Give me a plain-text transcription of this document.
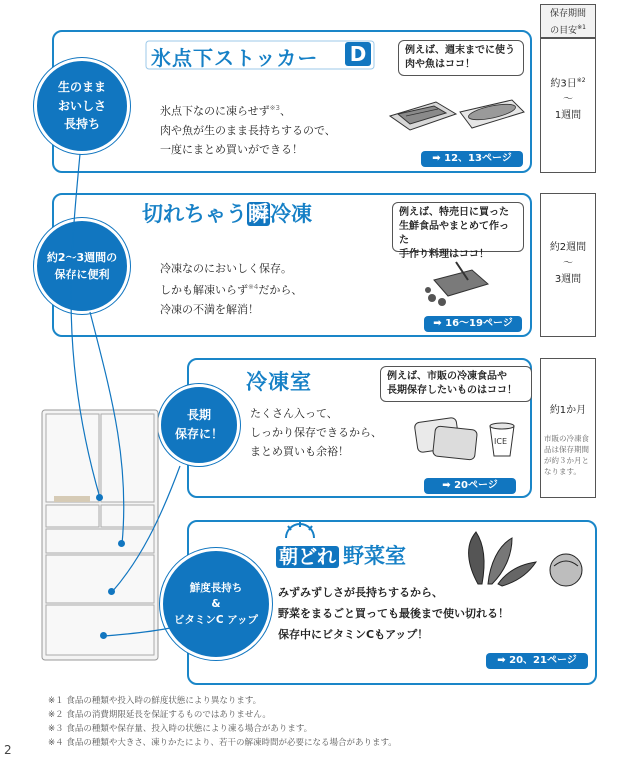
保存期間
の目安$^{※1}$
氷点下ストッカー D

氷点下なのに凍らせず$^{※3}$、
肉や魚が生のまま長持ちするので、
一度にまとめ買いができる！

例えば、週末までに使う
肉や魚はココ！
➡ 12、13ページ
約3日$^{※2}$
〜
1週間
生のまま
おいしさ
長持ち
切れちゃう瞬冷凍

冷凍なのにおいしく保存。
しかも解凍いらず$^{※4}$だから、
冷凍の不満を解消！

例えば、特売日に買った
生鮮食品やまとめて作った
手作り料理はココ！
➡ 16〜19ページ
約2週間
〜
3週間
約2〜3週間の
保存に便利
冷凍室
たくさん入って、
しっかり保存できるから、
まとめ買いも余裕！
例えば、市販の冷凍食品や
長期保存したいものはココ！
ICE
➡ 20ページ
約1か月
市販の冷凍食
品は保存期間
が約３か月と
なります。
長期
保存に！
朝どれ 野菜室
みずみずしさが長持ちするから、
野菜をまるごと買っても最後まで使い切れる！
保存中にビタミンCもアップ！
➡ 20、21ページ
鮮度長持ち
&
ビタミンC アップ
※１ 食品の種類や投入時の鮮度状態により異なります。
※２ 食品の消費期限延長を保証するものではありません。
※３ 食品の種類や保存量、投入時の状態により凍る場合があります。
※４ 食品の種類や大きさ、凍りかたにより、若干の解凍時間が必要になる場合があります。
2
